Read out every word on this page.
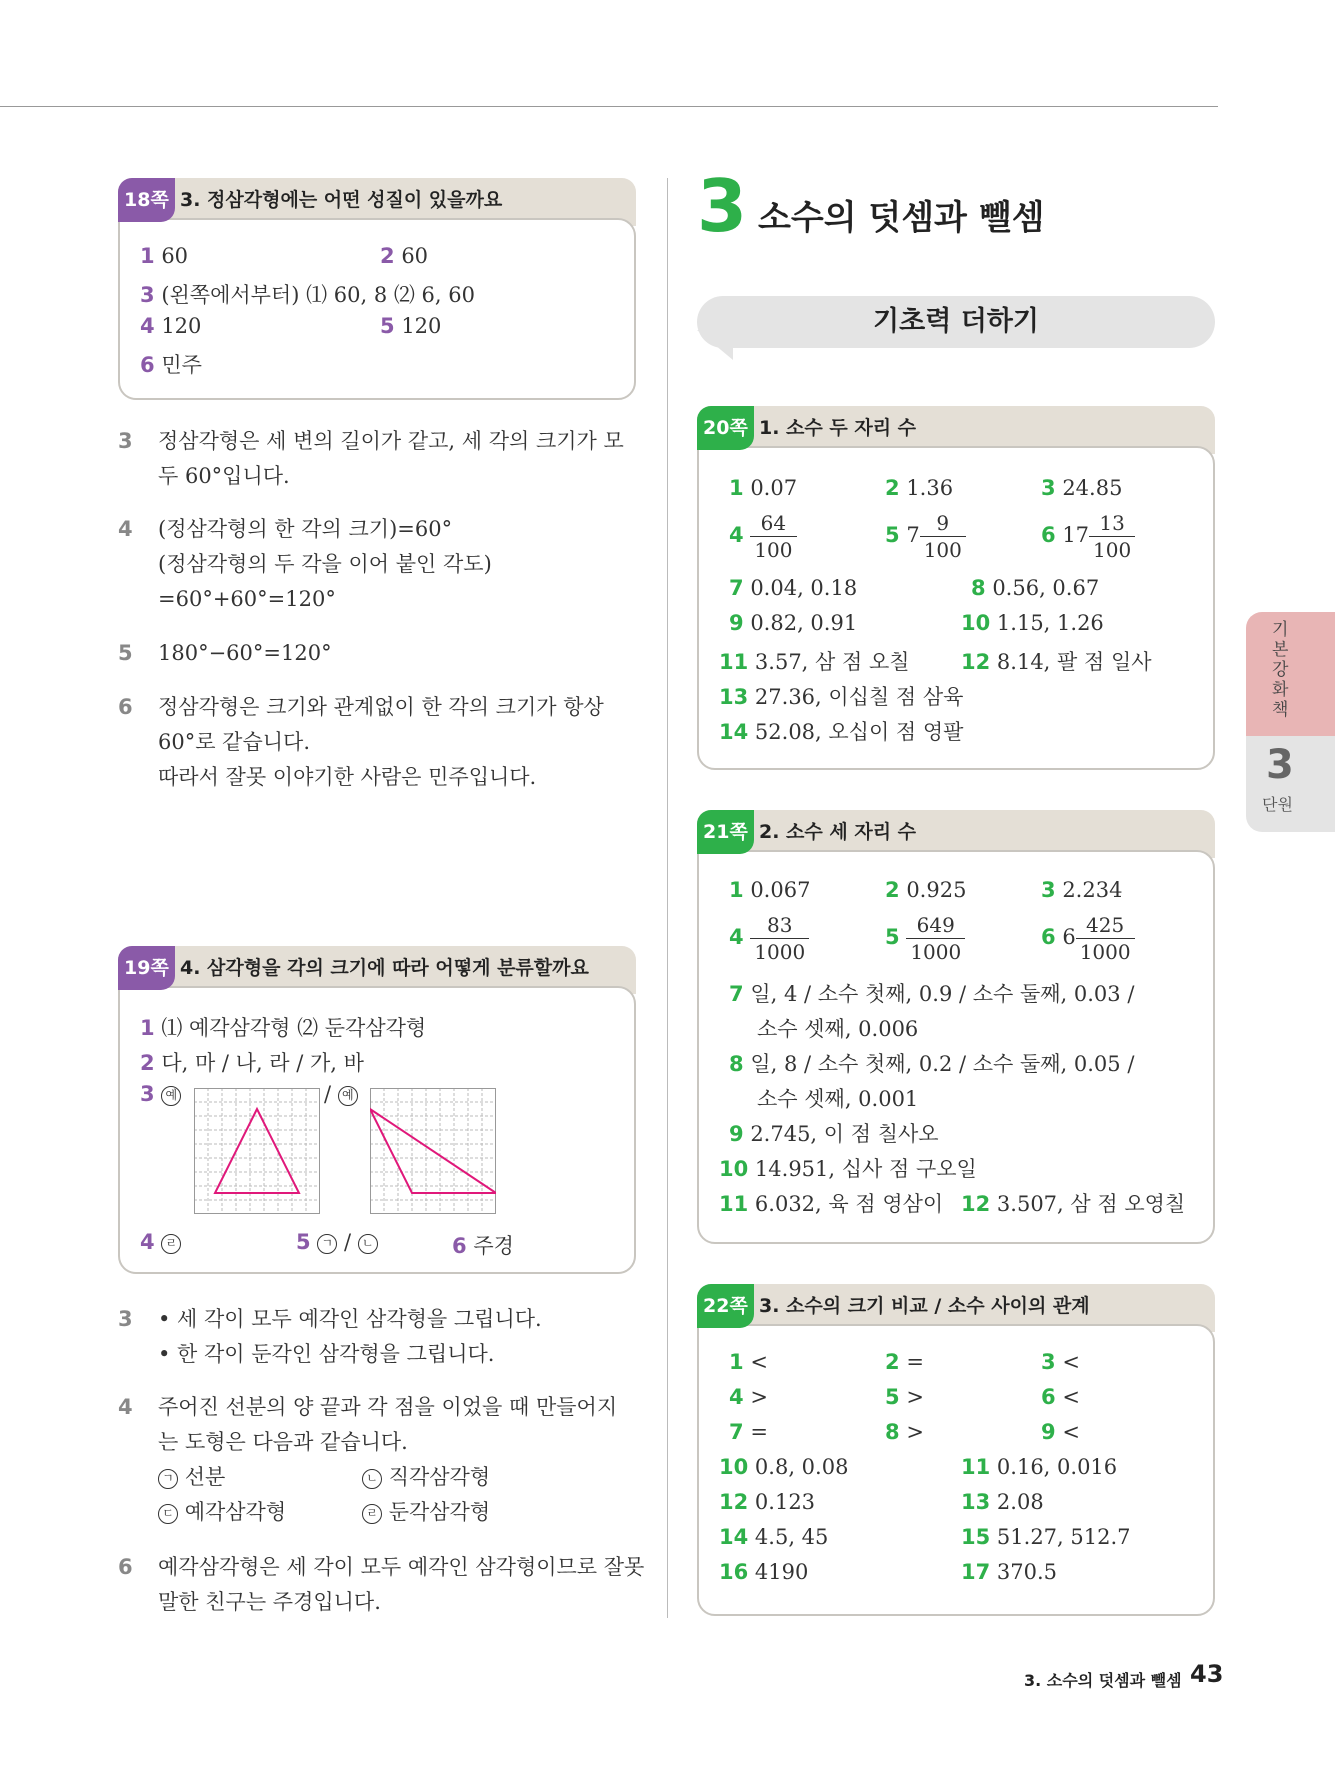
18쪽 3. 정삼각형에는 어떤 성질이 있을까요
1 60	2 60
3 (왼쪽에서부터) ⑴ 60, 8 ⑵ 6, 60
4 120	5 120
6 민주
3 정삼각형은 세 변의 길이가 같고, 세 각의 크기가 모
두 60°입니다.
4 (정삼각형의 한 각의 크기)=60°
(정삼각형의 두 각을 이어 붙인 각도)
=60°+60°=120°
5 180°−60°=120°
6 정삼각형은 크기와 관계없이 한 각의 크기가 항상
60°로 같습니다.
따라서 잘못 이야기한 사람은 민주입니다.
19쪽 4. 삼각형을 각의 크기에 따라 어떻게 분류할까요
1 ⑴ 예각삼각형 ⑵ 둔각삼각형
2 다, 마 / 나, 라 / 가, 바
3 예	/ 예
4 ㄹ	5 ㄱ / ㄴ	6 주경
3 • 세 각이 모두 예각인 삼각형을 그립니다.
• 한 각이 둔각인 삼각형을 그립니다.
4 주어진 선분의 양 끝과 각 점을 이었을 때 만들어지
는 도형은 다음과 같습니다.
ㄱ 선분	ㄴ 직각삼각형
ㄷ 예각삼각형	ㄹ 둔각삼각형
6 예각삼각형은 세 각이 모두 예각인 삼각형이므로 잘못
말한 친구는 주경입니다.
3 소수의 덧셈과 뺄셈
기초력 더하기
20쪽 1. 소수 두 자리 수
1 0.07	2 1.36	3 24.85
$4 \frac{64}{100}$	5 $7 \frac{9}{100}$	6 $17 \frac{13}{100}$
7 0.04, 0.18	8 0.56, 0.67
9 0.82, 0.91	10 1.15, 1.26
11 3.57, 삼 점 오칠 12 8.14, 팔 점 일사
13 27.36, 이십칠 점 삼육
14 52.08, 오십이 점 영팔
21쪽 2. 소수 세 자리 수
1 0.067	2 0.925	3 2.234
$4 \frac{83}{1000}$	$5 \frac{649}{1000}$	6 $6 \frac{425}{1000}$
7 일, 4 / 소수 첫째, 0.9 / 소수 둘째, 0.03 /
소수 셋째, 0.006
8 일, 8 / 소수 첫째, 0.2 / 소수 둘째, 0.05 /
소수 셋째, 0.001
9 2.745, 이 점 칠사오
10 14.951, 십사 점 구오일
11 6.032, 육 점 영삼이 12 3.507, 삼 점 오영칠
22쪽 3. 소수의 크기 비교 / 소수 사이의 관계
1 <	2 =	3 <
4 >	5 >	6 <
7 =	8 >	9 <
10 0.8, 0.08	11 0.16, 0.016
12 0.123	13 2.08
14 4.5, 45	15 51.27, 512.7
16 4190	17 370.5
기본강화책
3
단원
3. 소수의 덧셈과 뺄셈 43
